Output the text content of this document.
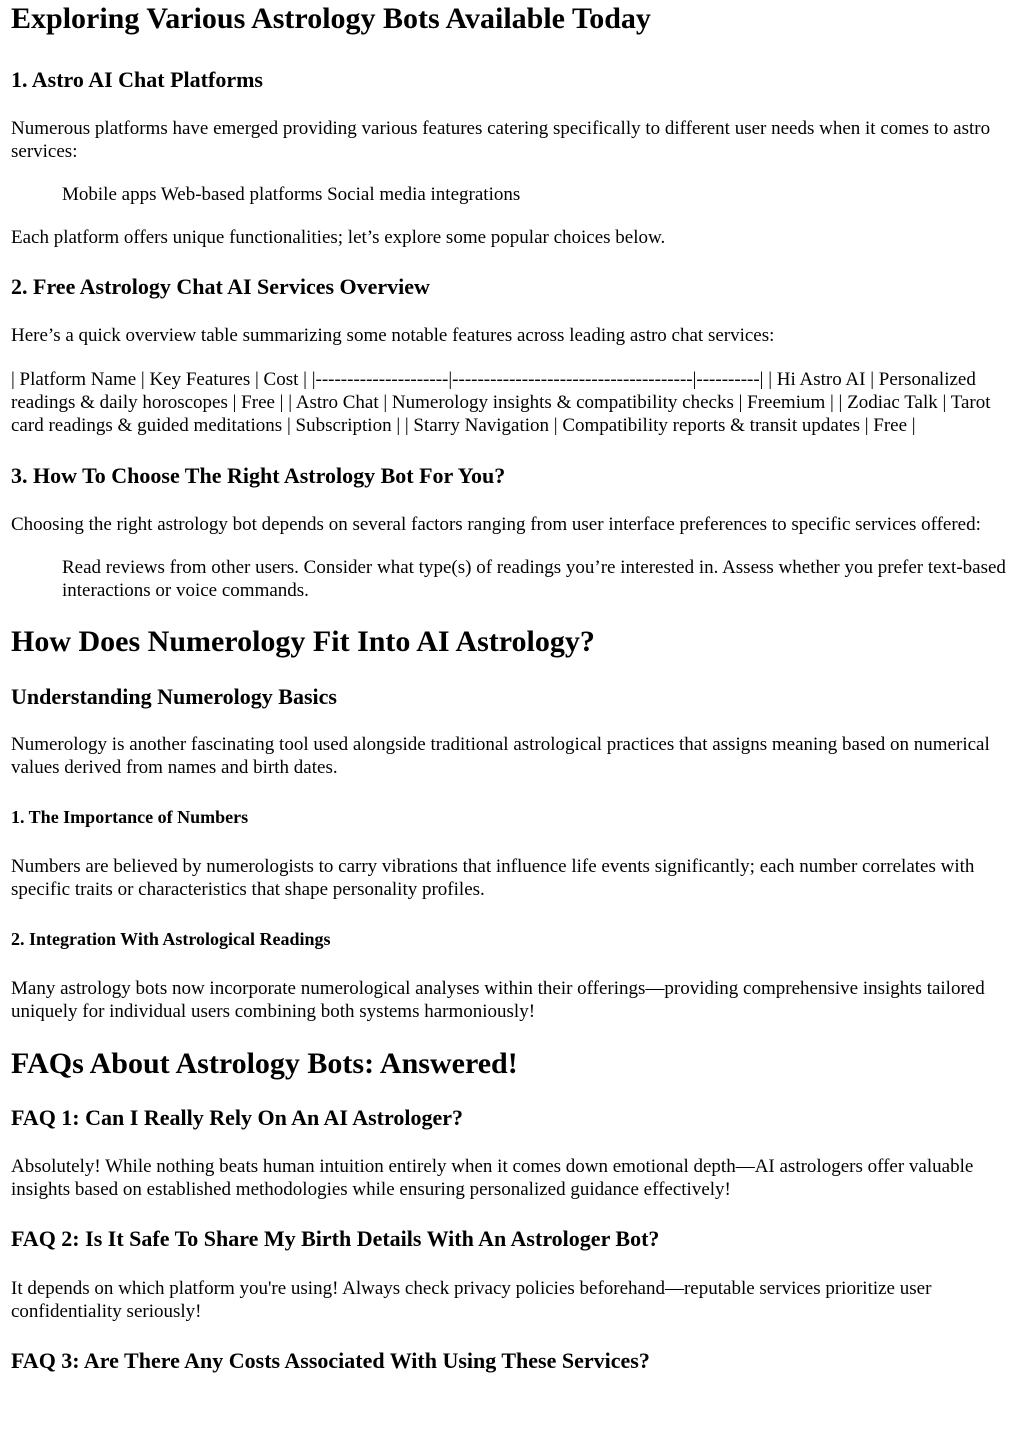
Exploring Various Astrology Bots Available Today
1. Astro AI Chat Platforms

Numerous platforms have emerged providing various features catering specifically to different user needs when it comes to astro services:

Mobile apps Web-based platforms Social media integrations

Each platform offers unique functionalities; let’s explore some popular choices below.

2. Free Astrology Chat AI Services Overview

Here’s a quick overview table summarizing some notable features across leading astro chat services:

| Platform Name | Key Features | Cost | |---------------------|--------------------------------------|----------| | Hi Astro AI | Personalized readings & daily horoscopes | Free | | Astro Chat | Numerology insights & compatibility checks | Freemium | | Zodiac Talk | Tarot card readings & guided meditations | Subscription | | Starry Navigation | Compatibility reports & transit updates | Free |

3. How To Choose The Right Astrology Bot For You?

Choosing the right astrology bot depends on several factors ranging from user interface preferences to specific services offered:

Read reviews from other users. Consider what type(s) of readings you’re interested in. Assess whether you prefer text-based interactions or voice commands.
How Does Numerology Fit Into AI Astrology?
Understanding Numerology Basics

Numerology is another fascinating tool used alongside traditional astrological practices that assigns meaning based on numerical values derived from names and birth dates.

1. The Importance of Numbers

Numbers are believed by numerologists to carry vibrations that influence life events significantly; each number correlates with specific traits or characteristics that shape personality profiles.

2. Integration With Astrological Readings

Many astrology bots now incorporate numerological analyses within their offerings—providing comprehensive insights tailored uniquely for individual users combining both systems harmoniously!

FAQs About Astrology Bots: Answered!
FAQ 1: Can I Really Rely On An AI Astrologer?

Absolutely! While nothing beats human intuition entirely when it comes down emotional depth—AI astrologers offer valuable insights based on established methodologies while ensuring personalized guidance effectively!

FAQ 2: Is It Safe To Share My Birth Details With An Astrologer Bot?

It depends on which platform you're using! Always check privacy policies beforehand—reputable services prioritize user confidentiality seriously!

FAQ 3: Are There Any Costs Associated With Using These Services?
